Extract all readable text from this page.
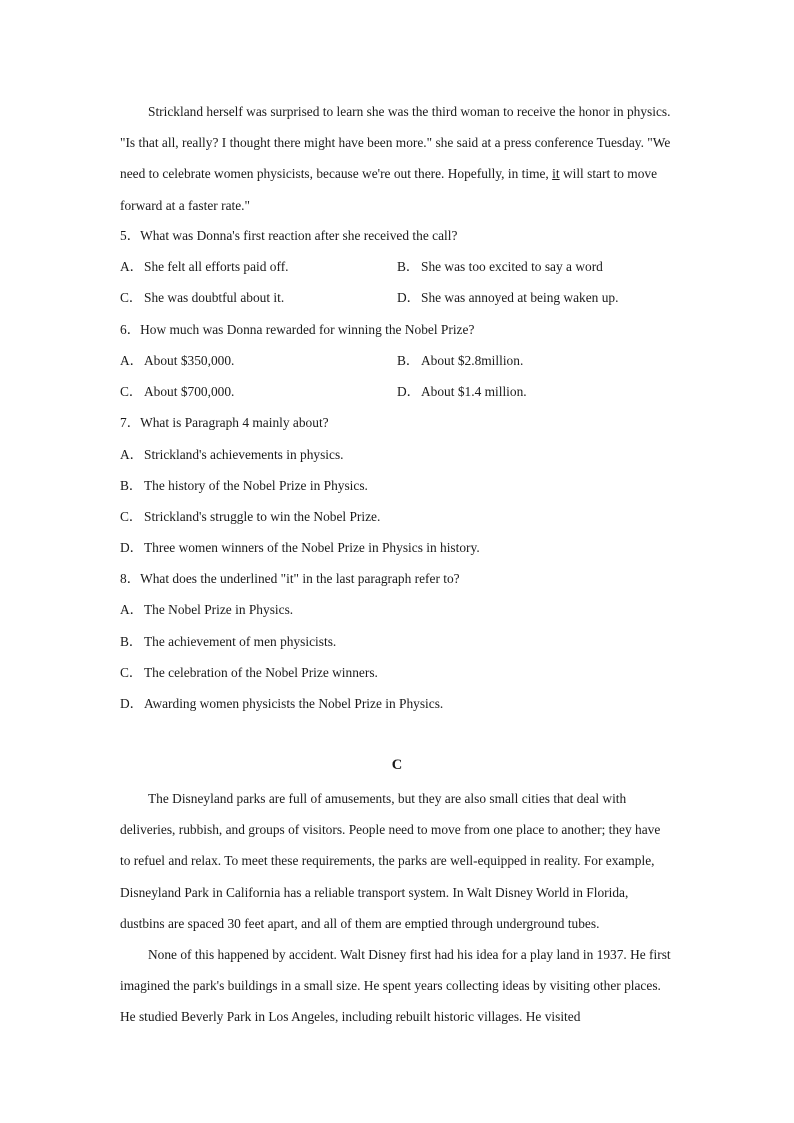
Strickland herself was surprised to learn she was the third woman to receive the honor in physics. "Is that all, really? I thought there might have been more." she said at a press conference Tuesday. "We need to celebrate women physicists, because we're out there. Hopefully, in time, it will start to move forward at a faster rate."
5．What was Donna's first reaction after she received the call?
A．She felt all efforts paid off.	B． She was too excited to say a word
C． She was doubtful about it.	D．She was annoyed at being waken up.
6．How much was Donna rewarded for winning the Nobel Prize?
A．About $350,000.	B． About $2.8million.
C． About $700,000.	D．About $1.4 million.
7．What is Paragraph 4 mainly about?
A．Strickland's achievements in physics.
B． The history of the Nobel Prize in Physics.
C． Strickland's struggle to win the Nobel Prize.
D．Three women winners of the Nobel Prize in Physics in history.
8．What does the underlined "it" in the last paragraph refer to?
A．The Nobel Prize in Physics.
B． The achievement of men physicists.
C． The celebration of the Nobel Prize winners.
D．Awarding women physicists the Nobel Prize in Physics.
C
The Disneyland parks are full of amusements, but they are also small cities that deal with deliveries, rubbish, and groups of visitors. People need to move from one place to another; they have to refuel and relax. To meet these requirements, the parks are well-equipped in reality. For example, Disneyland Park in California has a reliable transport system. In Walt Disney World in Florida, dustbins are spaced 30 feet apart, and all of them are emptied through underground tubes.
None of this happened by accident. Walt Disney first had his idea for a play land in 1937. He first imagined the park's buildings in a small size. He spent years collecting ideas by visiting other places. He studied Beverly Park in Los Angeles, including rebuilt historic villages. He visited
